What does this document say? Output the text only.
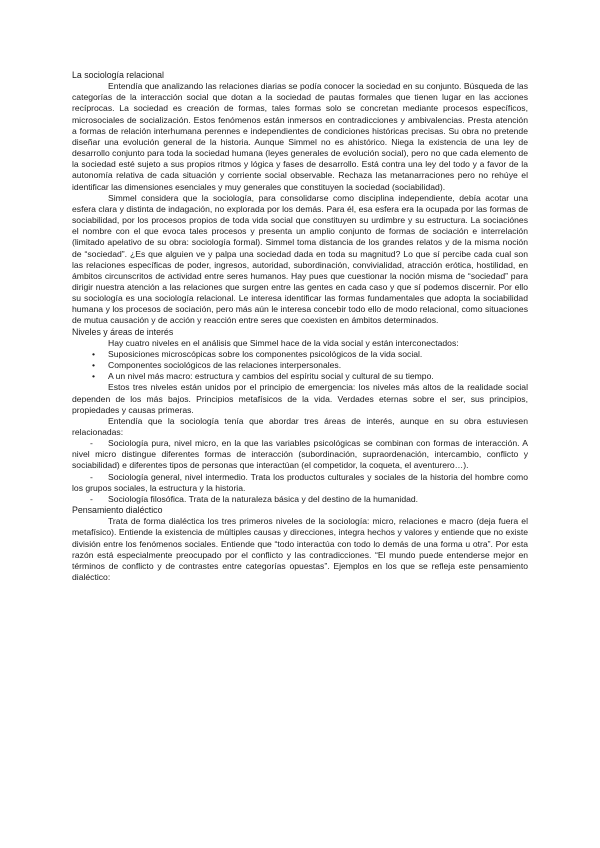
La sociología relacional

Entendía que analizando las relaciones diarias se podía conocer la sociedad en su conjunto. Búsqueda de las categorías de la interacción social que dotan a la sociedad de pautas formales que tienen lugar en las acciones recíprocas. La sociedad es creación de formas, tales formas solo se concretan mediante procesos específicos, microsociales de socialización. Estos fenómenos están inmersos en contradicciones y ambivalencias. Presta atención a formas de relación interhumana perennes e independientes de condiciones históricas precisas. Su obra no pretende diseñar una evolución general de la historia. Aunque Simmel no es ahistórico. Niega la existencia de una ley de desarrollo conjunto para toda la sociedad humana (leyes generales de evolución social), pero no que cada elemento de la sociedad esté sujeto a sus propios ritmos y lógica y fases de desarrollo. Está contra una ley del todo y a favor de la autonomía relativa de cada situación y corriente social observable. Rechaza las metanarraciones pero no rehúye el identificar las dimensiones esenciales y muy generales que constituyen la sociedad (sociabilidad).

Simmel considera que la sociología, para consolidarse como disciplina independiente, debía acotar una esfera clara y distinta de indagación, no explorada por los demás. Para él, esa esfera era la ocupada por las formas de sociabilidad, por los procesos propios de toda vida social que constituyen su urdimbre y su estructura. La sociaciónes el nombre con el que evoca tales procesos y presenta un amplio conjunto de formas de sociación e interrelación (limitado apelativo de su obra: sociología formal). Simmel toma distancia de los grandes relatos y de la misma noción de “sociedad”. ¿Es que alguien ve y palpa una sociedad dada en toda su magnitud? Lo que sí percibe cada cual son las relaciones específicas de poder, ingresos, autoridad, subordinación, convivialidad, atracción erótica, hostilidad, en ámbitos circunscritos de actividad entre seres humanos. Hay pues que cuestionar la noción misma de “sociedad” para dirigir nuestra atención a las relaciones que surgen entre las gentes en cada caso y que sí podemos discernir. Por ello su sociología es una sociología relacional. Le interesa identificar las formas fundamentales que adopta la sociabilidad humana y los procesos de sociación, pero más aún le interesa concebir todo ello de modo relacional, como situaciones de mutua causación y de acción y reacción entre seres que coexisten en ámbitos determinados.

Niveles y áreas de interés

Hay cuatro niveles en el análisis que Simmel hace de la vida social y están interconectados:

• Suposiciones microscópicas sobre los componentes psicológicos de la vida social.
• Componentes sociológicos de las relaciones interpersonales.
• A un nivel más macro: estructura y cambios del espíritu social y cultural de su tiempo.

Estos tres niveles están unidos por el principio de emergencia: los niveles más altos de la realidade social dependen de los más bajos. Principios metafísicos de la vida. Verdades eternas sobre el ser, sus principios, propiedades y causas primeras.

Entendía que la sociología tenía que abordar tres áreas de interés, aunque en su obra estuviesen relacionadas:

- Sociología pura, nivel micro, en la que las variables psicológicas se combinan con formas de interacción. A nivel micro distingue diferentes formas de interacción (subordinación, supraordenación, intercambio, conflicto y sociabilidad) e diferentes tipos de personas que interactúan (el competidor, la coqueta, el aventurero…).
- Sociología general, nivel intermedio. Trata los productos culturales y sociales de la historia del hombre como los grupos sociales, la estructura y la historia.
- Sociología filosófica. Trata de la naturaleza básica y del destino de la humanidad.
Pensamiento dialéctico

Trata de forma dialéctica los tres primeros niveles de la sociología: micro, relaciones e macro (deja fuera el metafísico). Entiende la existencia de múltiples causas y direcciones, integra hechos y valores y entiende que no existe división entre los fenómenos sociales. Entiende que “todo interactúa con todo lo demás de una forma u otra”. Por esta razón está especialmente preocupado por el conflicto y las contradicciones. “El mundo puede entenderse mejor en términos de conflicto y de contrastes entre categorías opuestas”. Ejemplos en los que se refleja este pensamiento dialéctico:
